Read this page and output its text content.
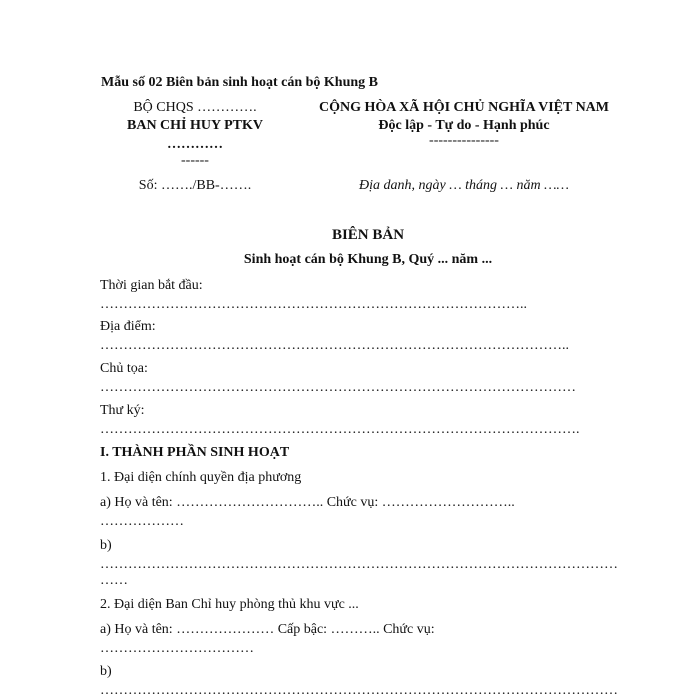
Mẫu số 02 Biên bản sinh hoạt cán bộ Khung B
BỘ CHQS ………….
BAN CHỈ HUY PTKV
…………
------
Số: ……./BB-…….
CỘNG HÒA XÃ HỘI CHỦ NGHĨA VIỆT NAM
Độc lập - Tự do - Hạnh phúc
---------------
Địa danh, ngày … tháng … năm ……
BIÊN BẢN
Sinh hoạt cán bộ Khung B, Quý ... năm ...
Thời gian bắt đầu:
………………………………………………………………………………..
Địa điểm:
………………………………………………………………………………………..
Chủ tọa:
…………………………………………………………………………………………
Thư ký:
………………………………………………………………………………………….
I. THÀNH PHẦN SINH HOẠT
1. Đại diện chính quyền địa phương
a) Họ và tên: ………………………….. Chức vụ: ………………………..
………………
b)
…………………………………………………………………………………………………
……
2. Đại diện Ban Chỉ huy phòng thủ khu vực ...
a) Họ và tên: ………………… Cấp bậc: ……….. Chức vụ:
……………………………
b)
…………………………………………………………………………………………………
